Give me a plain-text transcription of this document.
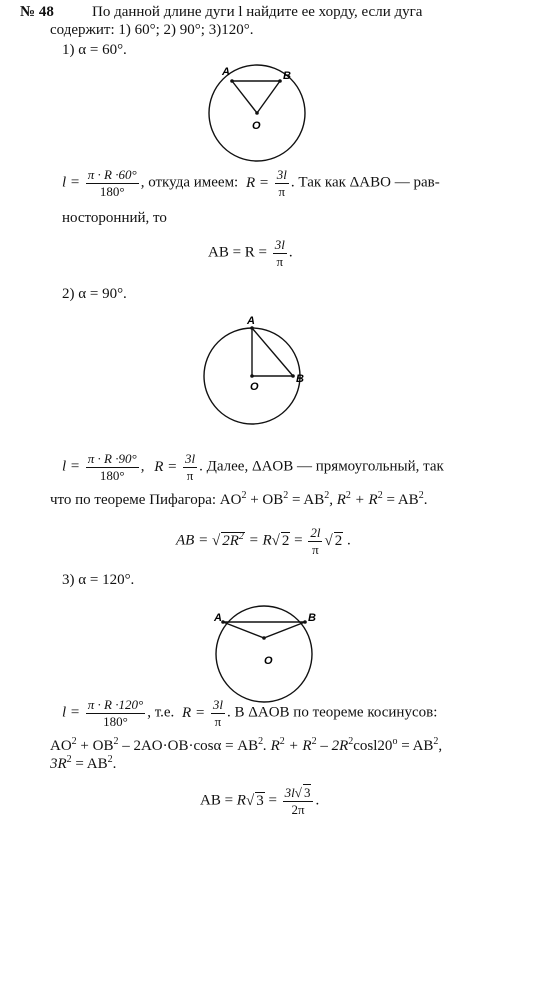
№ 48	По данной длине дуги l найдите ее хорду, если дуга
содержит: 1) 60°; 2) 90°; 3)120°.
1) α = 60°.
A	B
O
$l = \frac{\pi \cdot R \cdot 60^\circ}{180^\circ}$ , откуда имеем: $R = \frac{3l}{\pi}$ . Так как ΔABO — рав-
носторонний, то
AB = $R = \frac{3l}{\pi}$ .
2) α = 90°.
A
B
O
$l = \frac{\pi \cdot R \cdot 90^\circ}{180^\circ}$ , $R = \frac{3l}{\pi}$ . Далее, ΔAOB — прямоугольный, так
что по теореме Пифагора: $AO^2 + OB^2 = AB^2$, $R^2 + R^2 = AB^2$.
AB = √ $2R^2 = R√$ $2 = \frac{2l}{\pi}$ √ 2 .
3) α = 120°.
A	B
O
$l = \frac{\pi \cdot R \cdot 120^\circ}{180^\circ}$ , т.е. $R = \frac{3l}{\pi}$ . В ΔAOB по теореме косинусов:
$AO^2 + OB^2 - 2AO\cdot OB\cdot\cos\alpha = AB^2$. $R^2 + R^2 - 2R^2\cos l20^o = AB^2$,
$3R^2 = AB^2$.
AB = R√ $3 = \frac{3l√ 3}{2\pi}$ .
